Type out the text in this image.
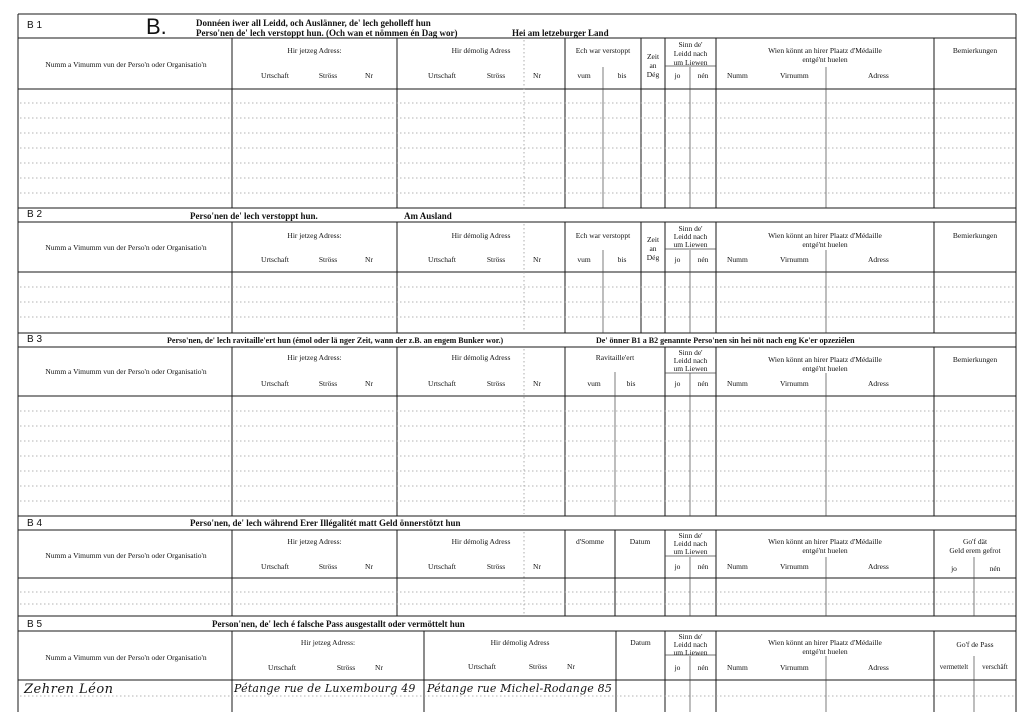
B 1	B.	Donnéen iwer all Leidd, och Auslänner, de' lech geholleff hun
Perso'nen de' lech verstoppt hun. (Och wan et nömmen én Dag wor)	Hei am letzeburger Land
Numm a Vimumm vun der Perso'n oder Organisatio'n
Hir jetzeg Adress:	Hir démolig Adress	Ech war verstoppt
Zeit
an
Dég
Sinn de'
Leidd nach
um Liewen
Wien könnt an hirer Plaatz d'Médaille
entgé'nt huelen
Bemierkungen
Urtschaft	Ströss	Nr	Urtschaft	Ströss	Nr	vum	bis	jo	nén	Numm	Virnumm	Adress
B 2	Perso'nen de' lech verstoppt hun.	Am Ausland
Numm a Vimumm vun der Perso'n oder Organisatio'n
Hir jetzeg Adress:	Hir démolig Adress	Ech war verstoppt	Zeit
an
Dég
Sinn de'
Leidd nach
um Liewen
Wien könnt an hirer Plaatz d'Médaille
entgé'nt huelen
Bemierkungen
Urtschaft	Ströss	Nr	Urtschaft	Ströss	Nr	vum	bis	jo	nén	Numm	Virnumm	Adress
B 3	Perso'nen, de' lech ravitaille'ert hun (émol oder lä nger Zeit, wann der z.B. an engem Bunker wor.)	De' önner B1 a B2 genannte Perso'nen sin hei nöt nach eng Ke'er opzeziélen
Numm a Vimumm vun der Perso'n oder Organisatio'n
Hir jetzeg Adress:	Hir démolig Adress	Ravitaille'ert
Sinn de'
Leidd nach
um Liewen
Wien könnt an hirer Plaatz d'Médaille
entgé'nt huelen
Bemierkungen
Urtschaft	Ströss	Nr	Urtschaft	Ströss	Nr	vum	bis	jo	nén	Numm	Virnumm	Adress
B 4	Perso'nen, de' lech während Erer Illégalitét matt Geld önnerstötzt hun
Numm a Vimumm vun der Perso'n oder Organisatio'n
Hir jetzeg Adress:	Hir démolig Adress	d'Somme	Datum
Sinn de'
Leidd nach
um Liewen
Wien könnt an hirer Plaatz d'Médaille
entgé'nt huelen
Go'f dät
Geld erem gefrot
Urtschaft	Ströss	Nr	Urtschaft	Ströss	Nr	jo	nén	Numm	Virnumm	Adress	jo	nén
B 5	Person'nen, de' lech é falsche Pass ausgestallt oder vermöttelt hun
Numm a Vimumm vun der Perso'n oder Organisatio'n
Hir jetzeg Adress:	Hir démolig Adress	Datum
Sinn de'
Leidd nach
um Liewen
Wien könnt an hirer Plaatz d'Médaille
entgé'nt huelen
Go'f de Pass
Urtschaft	Ströss	Nr	Urtschaft	Ströss	Nr	jo	nén	Numm	Virnumm	Adress	vermettelt	verschäft
Zehren Léon	Pétange rue de Luxembourg 49 Pétange rue Michel-Rodange 85
